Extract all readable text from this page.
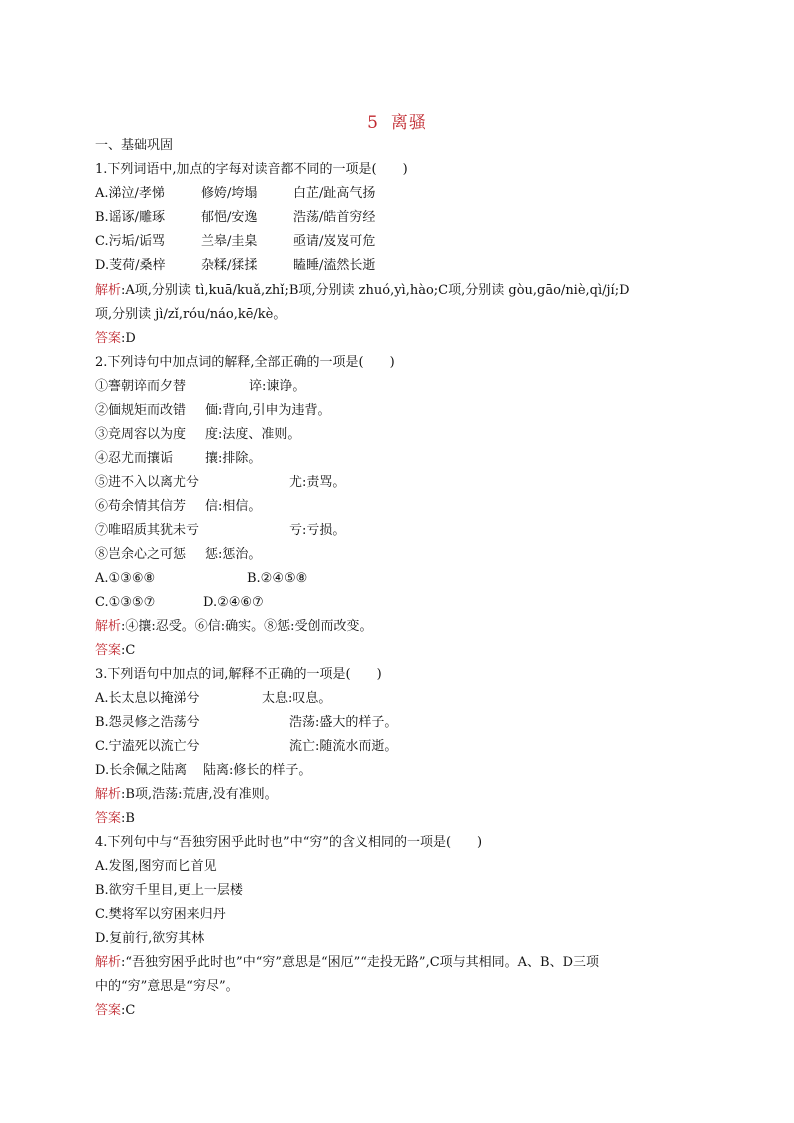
5 离骚
一、基础巩固
1.下列词语中,加点的字每对读音都不同的一项是(　　)
A.涕泣/孝悌	修姱/垮塌	白芷/趾高气扬
B.谣诼/雕琢	郁悒/安逸	浩荡/皓首穷经
C.污垢/诟骂	兰皋/圭臬	亟请/岌岌可危
D.芰荷/桑梓	杂糅/猱揉	瞌睡/溘然长逝
解析:A项,分别读 tì,kuā/kuǎ,zhǐ;B项,分别读 zhuó,yì,hào;C项,分别读 gòu,gāo/niè,qì/jí;D
项,分别读 jì/zǐ,róu/náo,kē/kè。
答案:D
2.下列诗句中加点词的解释,全部正确的一项是(　　)
①謇朝谇而夕替	谇:谏诤。
②偭规矩而改错 偭:背向,引申为违背。
③竞周容以为度 度:法度、准则。
④忍尤而攘诟 攘:排除。
⑤进不入以离尤兮	尤:责骂。
⑥苟余情其信芳 信:相信。
⑦唯昭质其犹未亏	亏:亏损。
⑧岂余心之可惩 惩:惩治。
A.①③⑥⑧	B.②④⑤⑧
C.①③⑤⑦	D.②④⑥⑦
解析:④攘:忍受。⑥信:确实。⑧惩:受创而改变。
答案:C
3.下列语句中加点的词,解释不正确的一项是(　　)
A.长太息以掩涕兮	太息:叹息。
B.怨灵修之浩荡兮	浩荡:盛大的样子。
C.宁溘死以流亡兮	流亡:随流水而逝。
D.长余佩之陆离 陆离:修长的样子。
解析:B项,浩荡:荒唐,没有准则。
答案:B
4.下列句中与“吾独穷困乎此时也”中“穷”的含义相同的一项是(　　)
A.发图,图穷而匕首见
B.欲穷千里目,更上一层楼
C.樊将军以穷困来归丹
D.复前行,欲穷其林
解析:“吾独穷困乎此时也”中“穷”意思是“困厄”“走投无路”,C项与其相同。A、B、D三项
中的“穷”意思是“穷尽”。
答案:C
